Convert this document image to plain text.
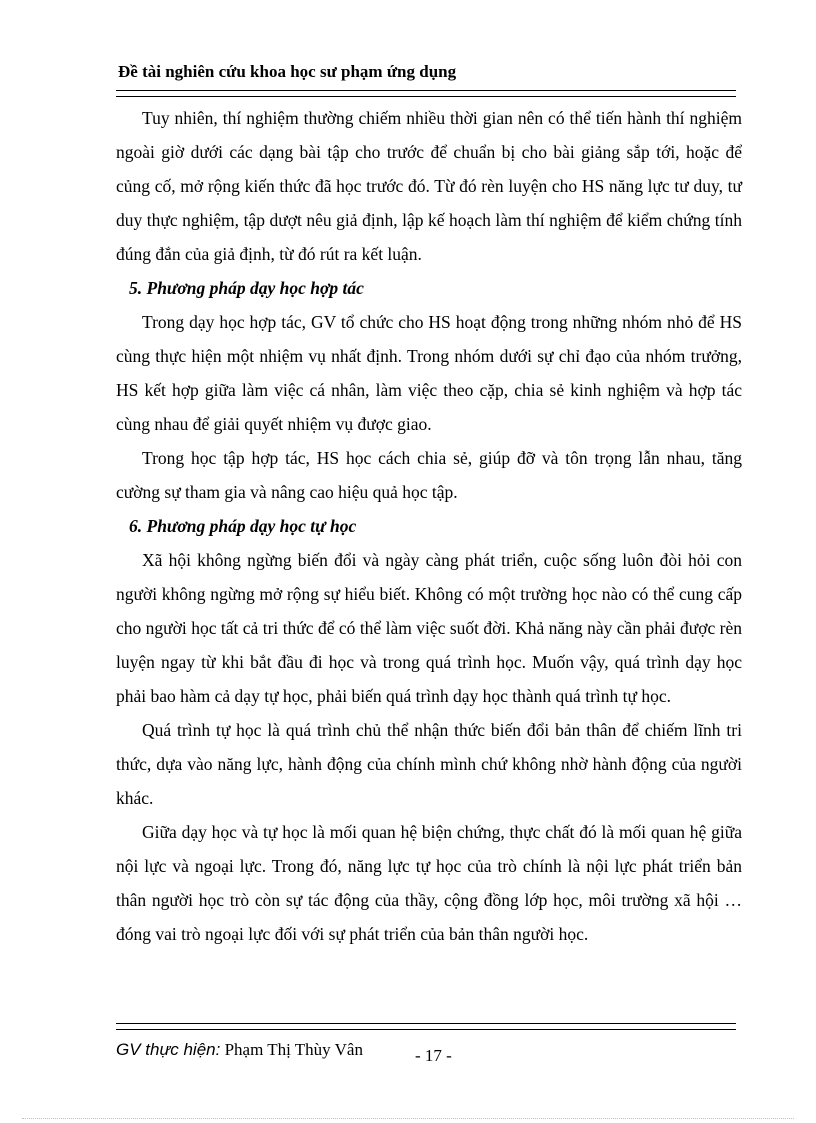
Đề tài nghiên cứu khoa học sư phạm ứng dụng

Tuy nhiên, thí nghiệm thường chiếm nhiều thời gian nên có thể tiến hành thí nghiệm ngoài giờ dưới các dạng bài tập cho trước để chuẩn bị cho bài giảng sắp tới, hoặc để củng cố, mở rộng kiến thức đã học trước đó. Từ đó rèn luyện cho HS năng lực tư duy, tư duy thực nghiệm, tập dượt nêu giả định, lập kế hoạch làm thí nghiệm để kiểm chứng tính đúng đắn của giả định, từ đó rút ra kết luận.

5. Phương pháp dạy học hợp tác

Trong dạy học hợp tác, GV tổ chức cho HS hoạt động trong những nhóm nhỏ để HS cùng thực hiện một nhiệm vụ nhất định. Trong nhóm dưới sự chỉ đạo của nhóm trưởng, HS kết hợp giữa làm việc cá nhân, làm việc theo cặp, chia sẻ kinh nghiệm và hợp tác cùng nhau để giải quyết nhiệm vụ được giao.

Trong học tập hợp tác, HS học cách chia sẻ, giúp đỡ và tôn trọng lẫn nhau, tăng cường sự tham gia và nâng cao hiệu quả học tập.

6. Phương pháp dạy học tự học

Xã hội không ngừng biến đổi và ngày càng phát triển, cuộc sống luôn đòi hỏi con người không ngừng mở rộng sự hiểu biết. Không có một trường học nào có thể cung cấp cho người học tất cả tri thức để có thể làm việc suốt đời. Khả năng này cần phải được rèn luyện ngay từ khi bắt đầu đi học và trong quá trình học. Muốn vậy, quá trình dạy học phải bao hàm cả dạy tự học, phải biến quá trình dạy học thành quá trình tự học.

Quá trình tự học là quá trình chủ thể nhận thức biến đổi bản thân để chiếm lĩnh tri thức, dựa vào năng lực, hành động của chính mình chứ không nhờ hành động của người khác.

Giữa dạy học và tự học là mối quan hệ biện chứng, thực chất đó là mối quan hệ giữa nội lực và ngoại lực. Trong đó, năng lực tự học của trò chính là nội lực phát triển bản thân người học trò còn sự tác động của thầy, cộng đồng lớp học, môi trường xã hội …đóng vai trò ngoại lực đối với sự phát triển của bản thân người học.

GV thực hiện: Phạm Thị Thùy Vân	- 17 -
